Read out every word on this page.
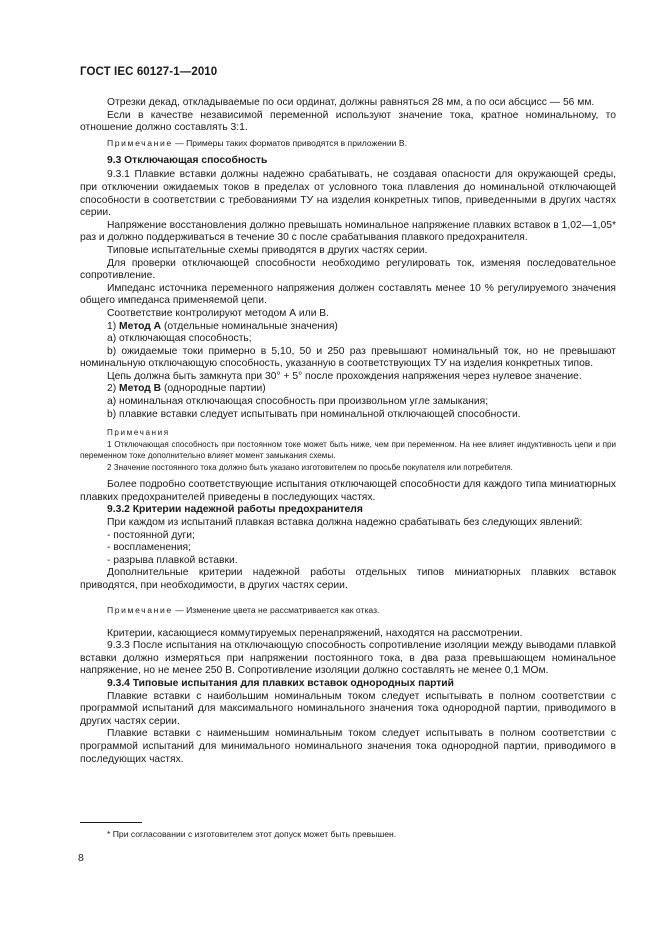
ГОСТ IEC 60127-1—2010

Отрезки декад, откладываемые по оси ординат, должны равняться 28 мм, а по оси абсцисс — 56 мм.

Если в качестве независимой переменной используют значение тока, кратное номинальному, то отношение должно составлять 3:1.

Примечание — Примеры таких форматов приводятся в приложении В.

9.3 Отключающая способность

9.3.1 Плавкие вставки должны надежно срабатывать, не создавая опасности для окружающей среды, при отключении ожидаемых токов в пределах от условного тока плавления до номинальной отключающей способности в соответствии с требованиями ТУ на изделия конкретных типов, приведенными в других частях серии.

Напряжение восстановления должно превышать номинальное напряжение плавких вставок в 1,02—1,05* раз и должно поддерживаться в течение 30 с после срабатывания плавкого предохранителя.

Типовые испытательные схемы приводятся в других частях серии.

Для проверки отключающей способности необходимо регулировать ток, изменяя последовательное сопротивление.

Импеданс источника переменного напряжения должен составлять менее 10 % регулируемого значения общего импеданса применяемой цепи.

Соответствие контролируют методом А или В.

1) Метод А (отдельные номинальные значения)

a) отключающая способность;

b) ожидаемые токи примерно в 5,10, 50 и 250 раз превышают номинальный ток, но не превышают номинальную отключающую способность, указанную в соответствующих ТУ на изделия конкретных типов.

Цепь должна быть замкнута при 30° + 5° после прохождения напряжения через нулевое значение.

2) Метод В (однородные партии)

a) номинальная отключающая способность при произвольном угле замыкания;

b) плавкие вставки следует испытывать при номинальной отключающей способности.

Примечания

1 Отключающая способность при постоянном токе может быть ниже, чем при переменном. На нее влияет индуктивность цепи и при переменном токе дополнительно влияет момент замыкания схемы.

2 Значение постоянного тока должно быть указано изготовителем по просьбе покупателя или потребителя.

Более подробно соответствующие испытания отключающей способности для каждого типа миниатюрных плавких предохранителей приведены в последующих частях.

9.3.2 Критерии надежной работы предохранителя

При каждом из испытаний плавкая вставка должна надежно срабатывать без следующих явлений:

- постоянной дуги;

- воспламенения;

- разрыва плавкой вставки.

Дополнительные критерии надежной работы отдельных типов миниатюрных плавких вставок приводятся, при необходимости, в других частях серии.

Примечание — Изменение цвета не рассматривается как отказ.

Критерии, касающиеся коммутируемых перенапряжений, находятся на рассмотрении.

9.3.3 После испытания на отключающую способность сопротивление изоляции между выводами плавкой вставки должно измеряться при напряжении постоянного тока, в два раза превышающем номинальное напряжение, но не менее 250 В. Сопротивление изоляции должно составлять не менее 0,1 МОм.

9.3.4 Типовые испытания для плавких вставок однородных партий

Плавкие вставки с наибольшим номинальным током следует испытывать в полном соответствии с программой испытаний для максимального номинального значения тока однородной партии, приводимого в других частях серии.

Плавкие вставки с наименьшим номинальным током следует испытывать в полном соответствии с программой испытаний для минимального номинального значения тока однородной партии, приводимого в последующих частях.

* При согласовании с изготовителем этот допуск может быть превышен.
8
